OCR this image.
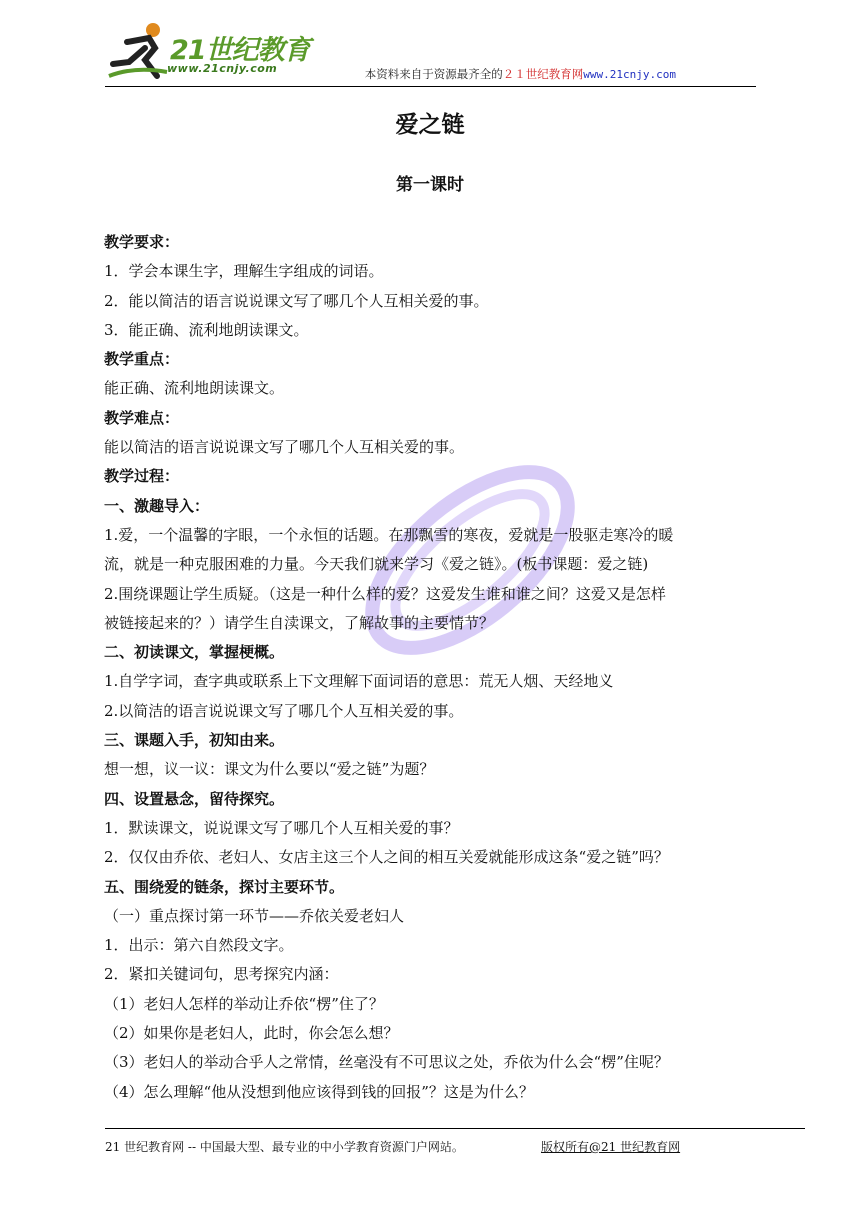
21世纪教育
www.21cnjy.com	本资料来自于资源最齐全的２１世纪教育网www.21cnjy.com
爱之链
第一课时

教学要求：

1．学会本课生字，理解生字组成的词语。

2．能以简洁的语言说说课文写了哪几个人互相关爱的事。

3．能正确、流利地朗读课文。

教学重点：

能正确、流利地朗读课文。

教学难点：

能以简洁的语言说说课文写了哪几个人互相关爱的事。

教学过程：

一、激趣导入：

1.爱，一个温馨的字眼，一个永恒的话题。在那飘雪的寒夜，爱就是一股驱走寒冷的暖

流，就是一种克服困难的力量。今天我们就来学习《爱之链》。(板书课题：爱之链)

2.围绕课题让学生质疑。（这是一种什么样的爱？这爱发生谁和谁之间？这爱又是怎样

被链接起来的？）请学生自渎课文，了解故事的主要情节？

二、初读课文，掌握梗概。

1.自学字词，查字典或联系上下文理解下面词语的意思：荒无人烟、天经地义

2.以简洁的语言说说课文写了哪几个人互相关爱的事。

三、课题入手，初知由来。

想一想，议一议：课文为什么要以“爱之链”为题？

四、设置悬念，留待探究。

1．默读课文，说说课文写了哪几个人互相关爱的事？

2．仅仅由乔依、老妇人、女店主这三个人之间的相互关爱就能形成这条“爱之链”吗？

五、围绕爱的链条，探讨主要环节。

（一）重点探讨第一环节——乔依关爱老妇人

1．出示：第六自然段文字。

2．紧扣关键词句，思考探究内涵：

（1）老妇人怎样的举动让乔依“楞”住了？

（2）如果你是老妇人，此时，你会怎么想？

（3）老妇人的举动合乎人之常情，丝毫没有不可思议之处，乔依为什么会“楞”住呢？

（4）怎么理解“他从没想到他应该得到钱的回报”？这是为什么？

21 世纪教育网 -- 中国最大型、最专业的中小学教育资源门户网站。	版权所有@21 世纪教育网
